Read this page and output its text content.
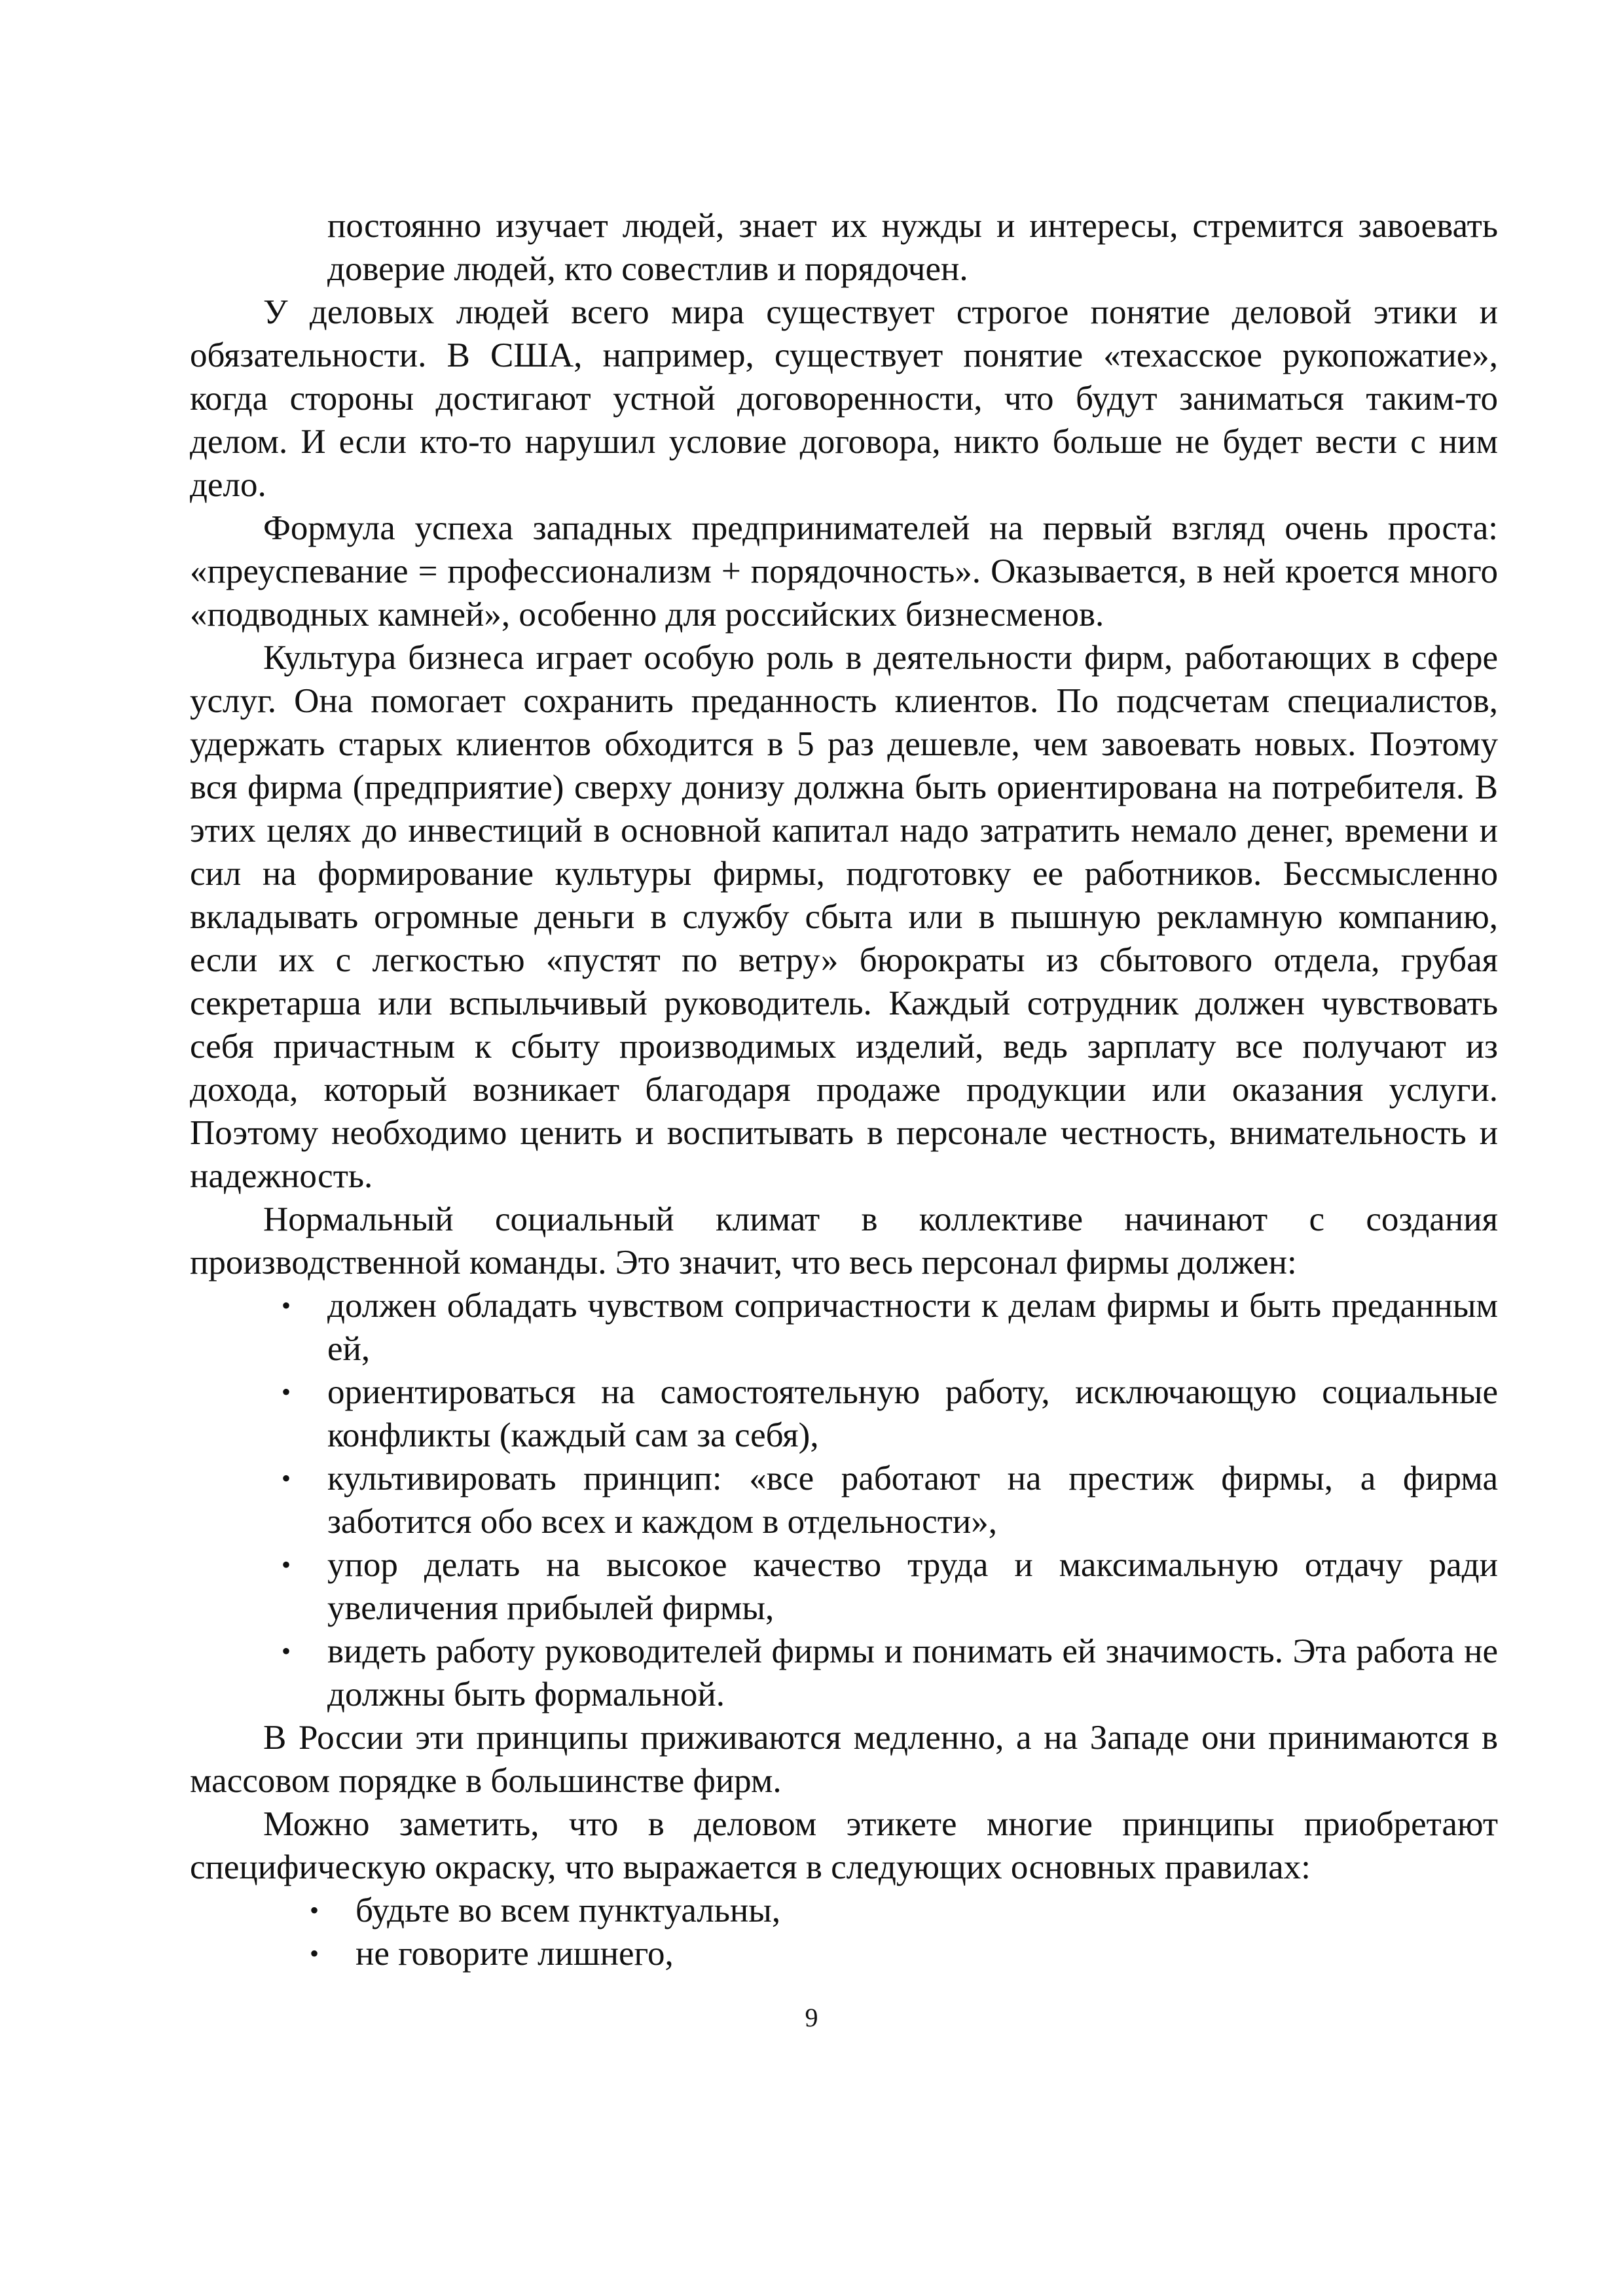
постоянно изучает людей, знает их нужды и интересы, стремится завоевать доверие людей, кто совестлив и порядочен.

У деловых людей всего мира существует строгое понятие деловой этики и обязательности. В США, например, существует понятие «техасское рукопожатие», когда стороны достигают устной договоренности, что будут заниматься таким-то делом. И если кто-то нарушил условие договора, никто больше не будет вести с ним дело.

Формула успеха западных предпринимателей на первый взгляд очень проста: «преуспевание = профессионализм + порядочность». Оказывается, в ней кроется много «подводных камней», особенно для российских бизнесменов.

Культура бизнеса играет особую роль в деятельности фирм, работающих в сфере услуг. Она помогает сохранить преданность клиентов. По подсчетам специалистов, удержать старых клиентов обходится в 5 раз дешевле, чем завоевать новых. Поэтому вся фирма (предприятие) сверху донизу должна быть ориентирована на потребителя. В этих целях до инвестиций в основной капитал надо затратить немало денег, времени и сил на формирование культуры фирмы, подготовку ее работников. Бессмысленно вкладывать огромные деньги в службу сбыта или в пышную рекламную компанию, если их с легкостью «пустят по ветру» бюрократы из сбытового отдела, грубая секретарша или вспыльчивый руководитель. Каждый сотрудник должен чувствовать себя причастным к сбыту производимых изделий, ведь зарплату все получают из дохода, который возникает благодаря продаже продукции или оказания услуги. Поэтому необходимо ценить и воспитывать в персонале честность, внимательность и надежность.

Нормальный социальный климат в коллективе начинают с создания производственной команды. Это значит, что весь персонал фирмы должен:

• должен обладать чувством сопричастности к делам фирмы и быть преданным ей,
• ориентироваться на самостоятельную работу, исключающую социальные конфликты (каждый сам за себя),
• культивировать принцип: «все работают на престиж фирмы, а фирма заботится обо всех и каждом в отдельности»,
• упор делать на высокое качество труда и максимальную отдачу ради увеличения прибылей фирмы,
• видеть работу руководителей фирмы и понимать ей значимость. Эта работа не должны быть формальной.

В России эти принципы приживаются медленно, а на Западе они принимаются в массовом порядке в большинстве фирм.

Можно заметить, что в деловом этикете многие принципы приобретают специфическую окраску, что выражается в следующих основных правилах:

• будьте во всем пунктуальны,
• не говорите лишнего,
9
